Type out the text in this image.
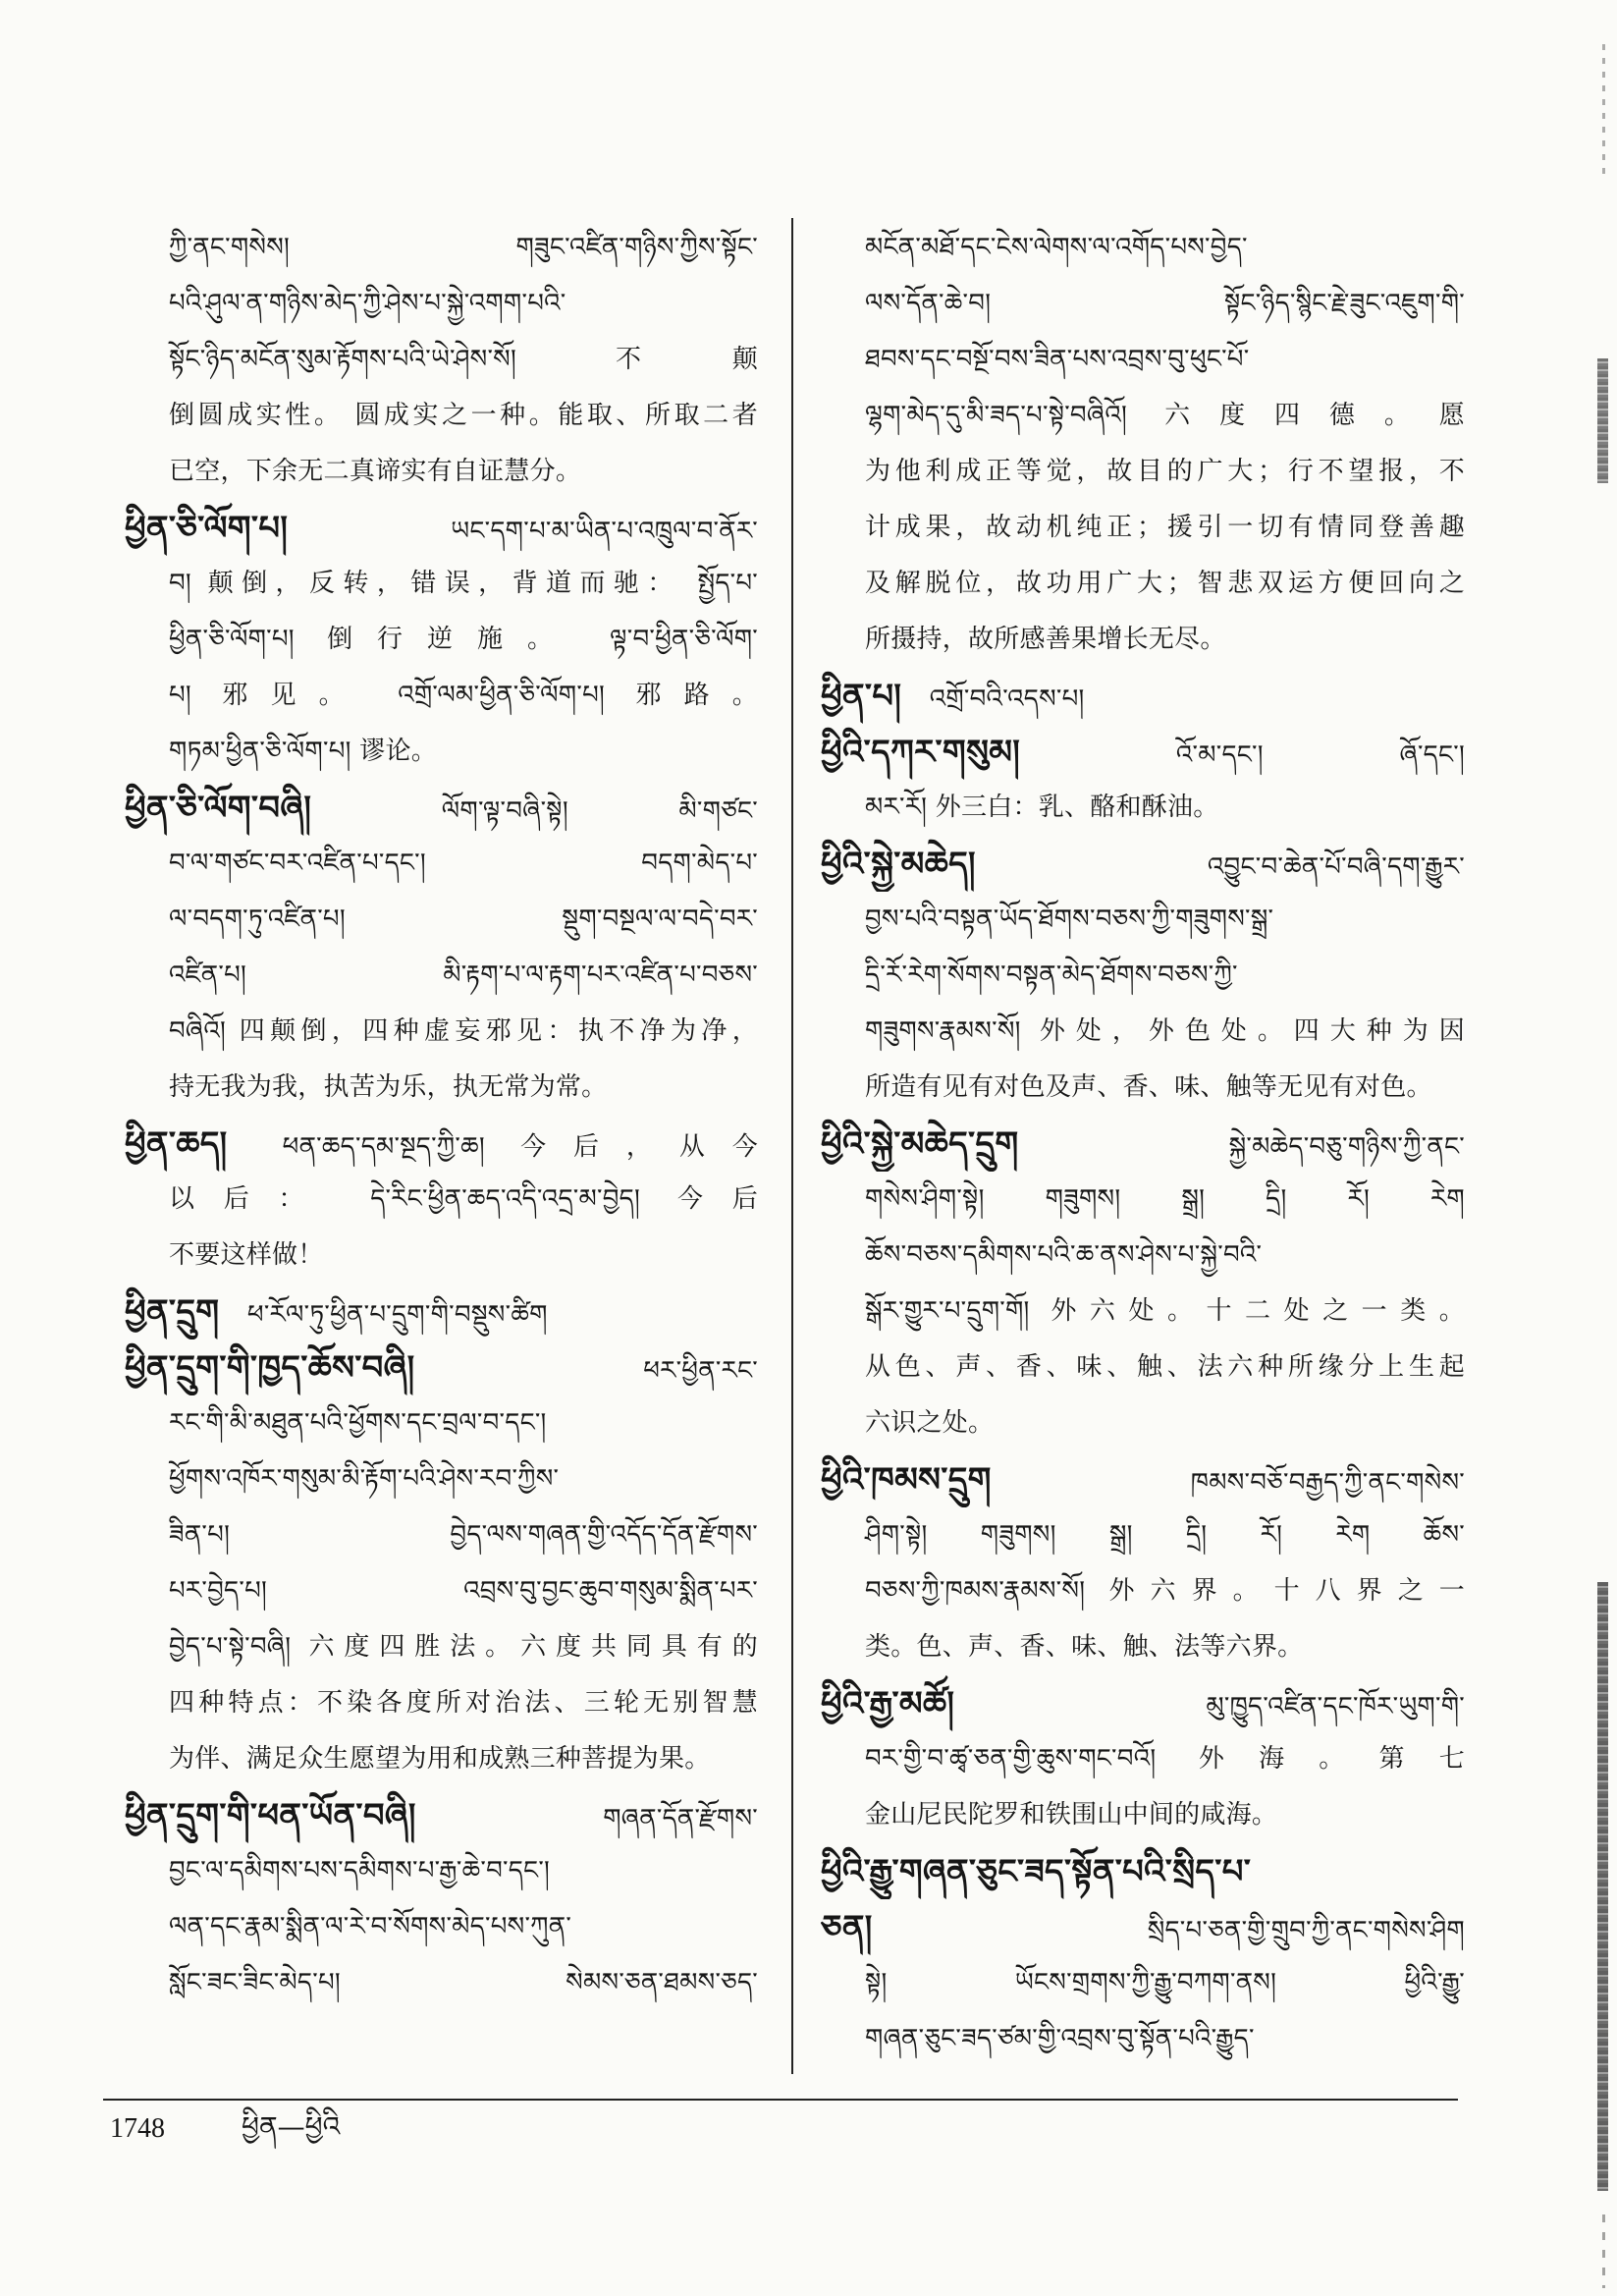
ཀྱི་ནང་གསེས། གཟུང་འཛིན་གཉིས་ཀྱིས་སྟོང་
པའི་ཤུལ་ན་གཉིས་མེད་ཀྱི་ཤེས་པ་སྐྱེ་འགག་པའི་
སྟོང་ཉིད་མངོན་སུམ་རྟོགས་པའི་ཡེ་ཤེས་སོ། 不颠
倒圆成实性。 圆成实之一种。能取、所取二者
已空，下余无二真谛实有自证慧分。
ཕྱིན་ཅི་ལོག་པ།	ཡང་དག་པ་མ་ཡིན་པ་འཁྲུལ་བ་ནོར་
བ། 颠倒，反转，错误，背道而驰： སྤྱོད་པ་
ཕྱིན་ཅི་ལོག་པ། 倒行逆施。 ལྟ་བ་ཕྱིན་ཅི་ལོག་
པ། 邪见。 འགྲོ་ལམ་ཕྱིན་ཅི་ལོག་པ། 邪路。
གཏམ་ཕྱིན་ཅི་ལོག་པ། 谬论。
ཕྱིན་ཅི་ལོག་བཞི།	ལོག་ལྟ་བཞི་སྟེ། མི་གཙང་
བ་ལ་གཙང་བར་འཛིན་པ་དང་། བདག་མེད་པ་
ལ་བདག་ཏུ་འཛིན་པ། སྡུག་བསྔལ་ལ་བདེ་བར་
འཛིན་པ། མི་རྟག་པ་ལ་རྟག་པར་འཛིན་པ་བཅས་
བཞིའོ། 四颠倒，四种虚妄邪见：执不净为净，
持无我为我，执苦为乐，执无常为常。
ཕྱིན་ཆད། ཕན་ཆད་དམ་སྔད་ཀྱི་ཆ། 今后，从今
以后： དེ་རིང་ཕྱིན་ཆད་འདི་འདྲ་མ་བྱེད། 今后
不要这样做！
ཕྱིན་དྲུག ཕ་རོལ་ཏུ་ཕྱིན་པ་དྲུག་གི་བསྡུས་ཚིག
ཕྱིན་དྲུག་གི་ཁྱད་ཆོས་བཞི།	ཕར་ཕྱིན་རང་
རང་གི་མི་མཐུན་པའི་ཕྱོགས་དང་བྲལ་བ་དང་།
ཕྱོགས་འཁོར་གསུམ་མི་རྟོག་པའི་ཤེས་རབ་ཀྱིས་
ཟིན་པ། བྱེད་ལས་གཞན་གྱི་འདོད་དོན་རྫོགས་
པར་བྱེད་པ། འབྲས་བུ་བྱང་ཆུབ་གསུམ་སྨིན་པར་
བྱེད་པ་སྟེ་བཞི། 六度四胜法。六度共同具有的
四种特点：不染各度所对治法、三轮无别智慧
为伴、满足众生愿望为用和成熟三种菩提为果。
ཕྱིན་དྲུག་གི་ཕན་ཡོན་བཞི།	གཞན་དོན་རྫོགས་
བྱང་ལ་དམིགས་པས་དམིགས་པ་རྒྱ་ཆེ་བ་དང་།
ལན་དང་རྣམ་སྨིན་ལ་རེ་བ་སོགས་མེད་པས་ཀུན་
སློང་ཟང་ཟིང་མེད་པ། སེམས་ཅན་ཐམས་ཅད་
མངོན་མཐོ་དང་ངེས་ལེགས་ལ་འགོད་པས་བྱེད་
ལས་དོན་ཆེ་བ། སྟོང་ཉིད་སྙིང་རྗེ་ཟུང་འཇུག་གི་
ཐབས་དང་བསྔོ་བས་ཟིན་པས་འབྲས་བུ་ཕུང་པོ་
ལྷག་མེད་དུ་མི་ཟད་པ་སྟེ་བཞིའོ། 六度四德。愿
为他利成正等觉，故目的广大；行不望报，不
计成果，故动机纯正；援引一切有情同登善趣
及解脱位，故功用广大；智悲双运方便回向之
所摄持，故所感善果增长无尽。
ཕྱིན་པ། འགྲོ་བའི་འདས་པ།
ཕྱིའི་དཀར་གསུམ།	འོ་མ་དང་། ཞོ་དང་།
མར་རོ། 外三白：乳、酪和酥油。
ཕྱིའི་སྐྱེ་མཆེད།	འབྱུང་བ་ཆེན་པོ་བཞི་དག་རྒྱུར་
བྱས་པའི་བསྟན་ཡོད་ཐོགས་བཅས་ཀྱི་གཟུགས་སྒྲ་
དྲི་རོ་རེག་སོགས་བསྟན་མེད་ཐོགས་བཅས་ཀྱི་
གཟུགས་རྣམས་སོ། 外处，外色处。四大种为因
所造有见有对色及声、香、味、触等无见有对色。
ཕྱིའི་སྐྱེ་མཆེད་དྲུག	སྐྱེ་མཆེད་བཅུ་གཉིས་ཀྱི་ནང་
གསེས་ཤིག་སྟེ། གཟུགས། སྒྲ། དྲི། རོ། རེག
ཆོས་བཅས་དམིགས་པའི་ཆ་ནས་ཤེས་པ་སྐྱེ་བའི་
སྒོར་གྱུར་པ་དྲུག་གོ། 外六处。十二处之一类。
从色、声、香、味、触、法六种所缘分上生起
六识之处。
ཕྱིའི་ཁམས་དྲུག	ཁམས་བཅོ་བརྒྱད་ཀྱི་ནང་གསེས་
ཤིག་སྟེ། གཟུགས། སྒྲ། དྲི། རོ། རེག ཆོས་
བཅས་ཀྱི་ཁམས་རྣམས་སོ། 外六界。十八界之一
类。色、声、香、味、触、法等六界。
ཕྱིའི་རྒྱ་མཚོ།	མུ་ཁྱུད་འཛིན་དང་ཁོར་ཡུག་གི་
བར་གྱི་བ་ཚྭ་ཅན་གྱི་ཆུས་གང་བའོ། 外海。第七
金山尼民陀罗和铁围山中间的咸海。
ཕྱིའི་རྒྱུ་གཞན་ཅུང་ཟད་སྟོན་པའི་སྲིད་པ་
ཅན།	སྲིད་པ་ཅན་གྱི་གྲུབ་ཀྱི་ནང་གསེས་ཤིག
སྟེ། ཡོངས་གྲགས་ཀྱི་རྒྱུ་བཀག་ནས། ཕྱིའི་རྒྱུ་
གཞན་ཅུང་ཟད་ཙམ་གྱི་འབྲས་བུ་སྟོན་པའི་རྒྱུད་
1748	ཕྱིན—ཕྱིའི
